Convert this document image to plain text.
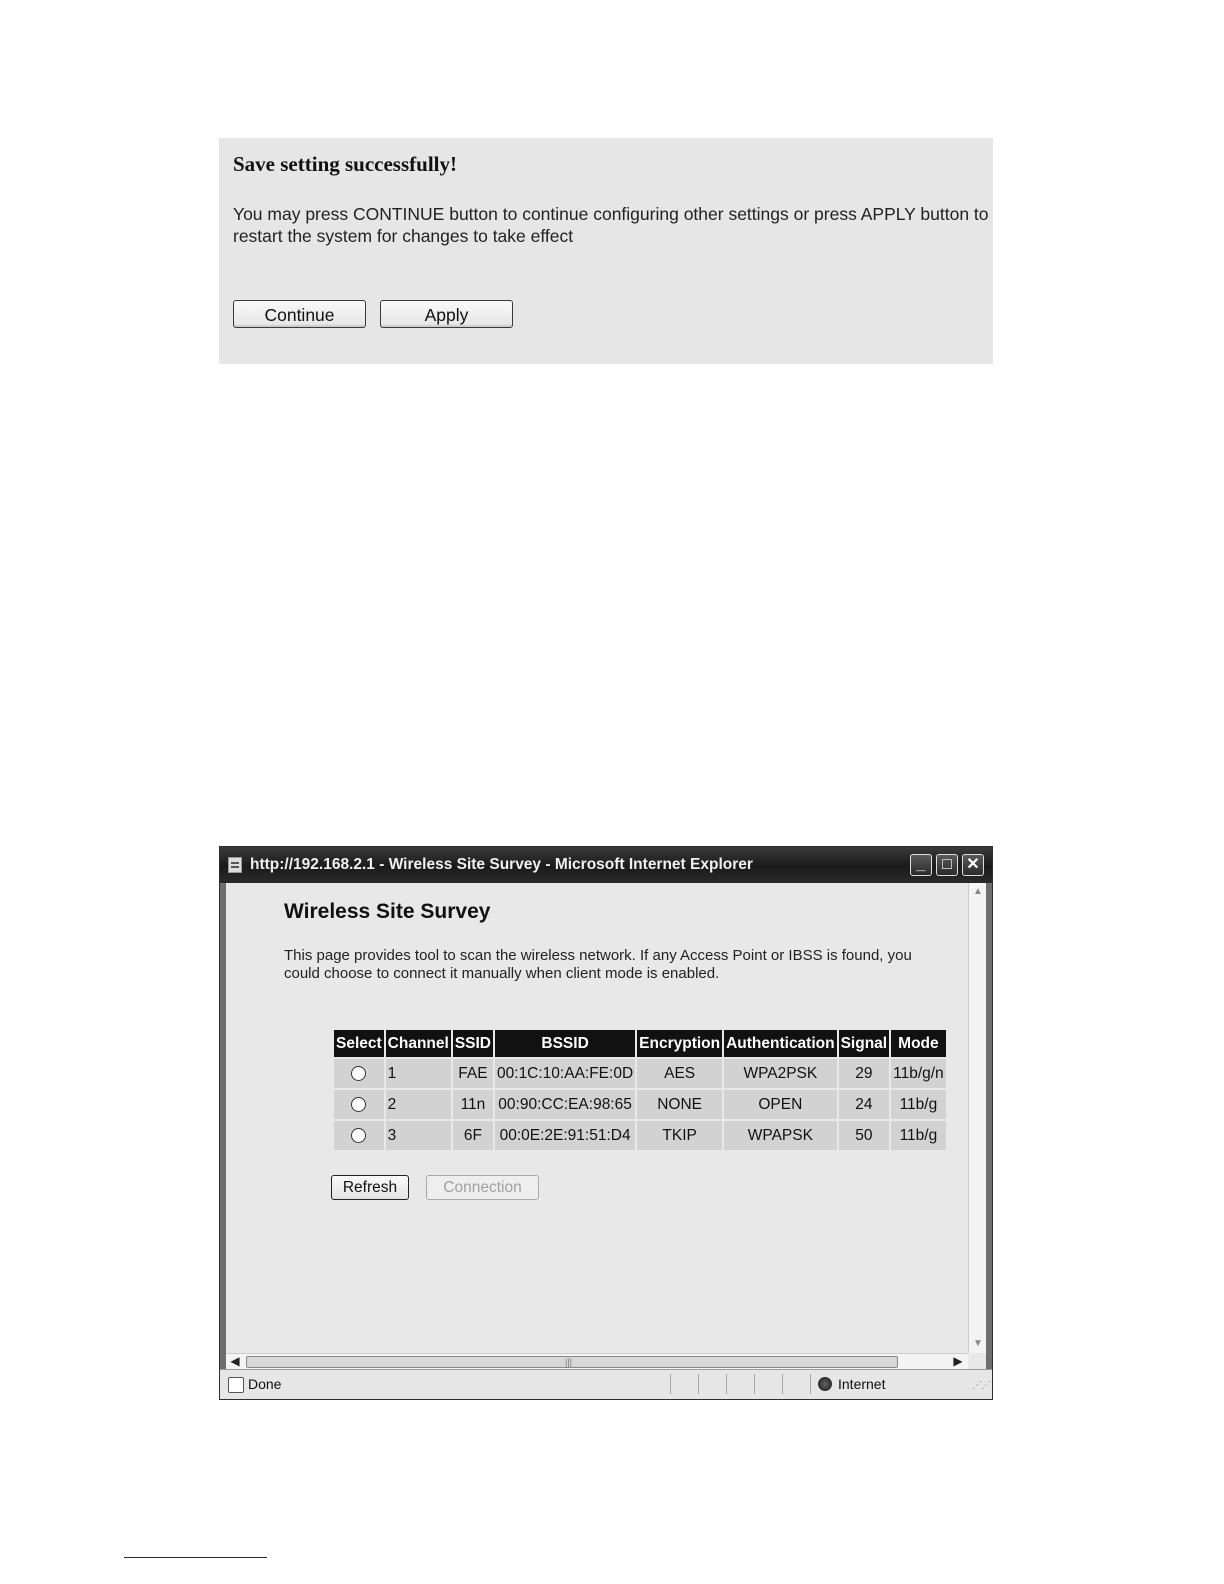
Save setting successfully!
You may press CONTINUE button to continue configuring other settings or press APPLY button to restart the system for changes to take effect
Continue	Apply
http://192.168.2.1 - Wireless Site Survey - Microsoft Internet Explorer	_	□ ✕
Wireless Site Survey
This page provides tool to scan the wireless network. If any Access Point or IBSS is found, you could choose to connect it manually when client mode is enabled.
Select	Channel	SSID	BSSID	Encryption	Authentication	Signal	Mode
	1	FAE	00:1C:10:AA:FE:0D	AES	WPA2PSK	29	11b/g/n
	2	11n	00:90:CC:EA:98:65	NONE	OPEN	24	11b/g
	3	6F	00:0E:2E:91:51:D4	TKIP	WPAPSK	50	11b/g
Refresh	Connection
▲
▼
◀	|||	▶
Done	Internet	⋰⋰
